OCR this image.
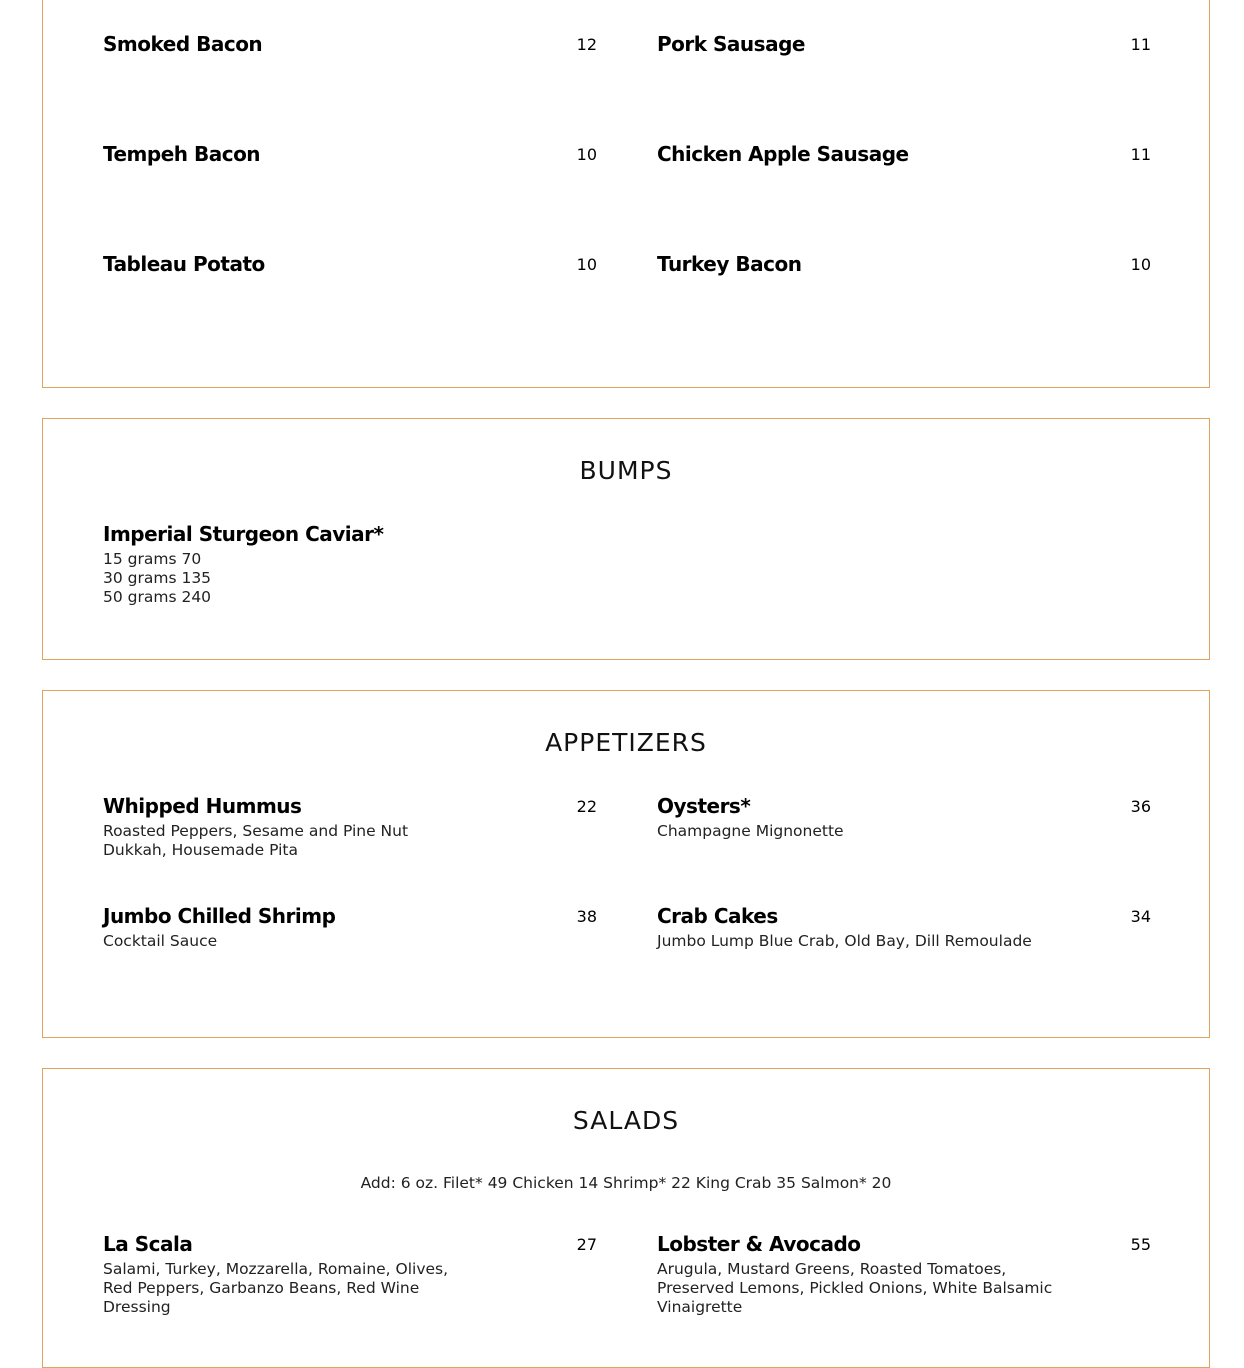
Smoked Bacon	12	Pork Sausage	11
Tempeh Bacon	10	Chicken Apple Sausage	11
Tableau Potato	10	Turkey Bacon	10
BUMPS
Imperial Sturgeon Caviar*
15 grams 70
30 grams 135
50 grams 240
APPETIZERS
Whipped Hummus	22
Roasted Peppers, Sesame and Pine Nut Dukkah, Housemade Pita
Oysters*	36
Champagne Mignonette
Jumbo Chilled Shrimp	38
Cocktail Sauce
Crab Cakes	34
Jumbo Lump Blue Crab, Old Bay, Dill Remoulade
SALADS
Add: 6 oz. Filet* 49 Chicken 14 Shrimp* 22 King Crab 35 Salmon* 20
La Scala	27
Salami, Turkey, Mozzarella, Romaine, Olives, Red Peppers, Garbanzo Beans, Red Wine Dressing
Lobster & Avocado	55
Arugula, Mustard Greens, Roasted Tomatoes, Preserved Lemons, Pickled Onions, White Balsamic Vinaigrette
